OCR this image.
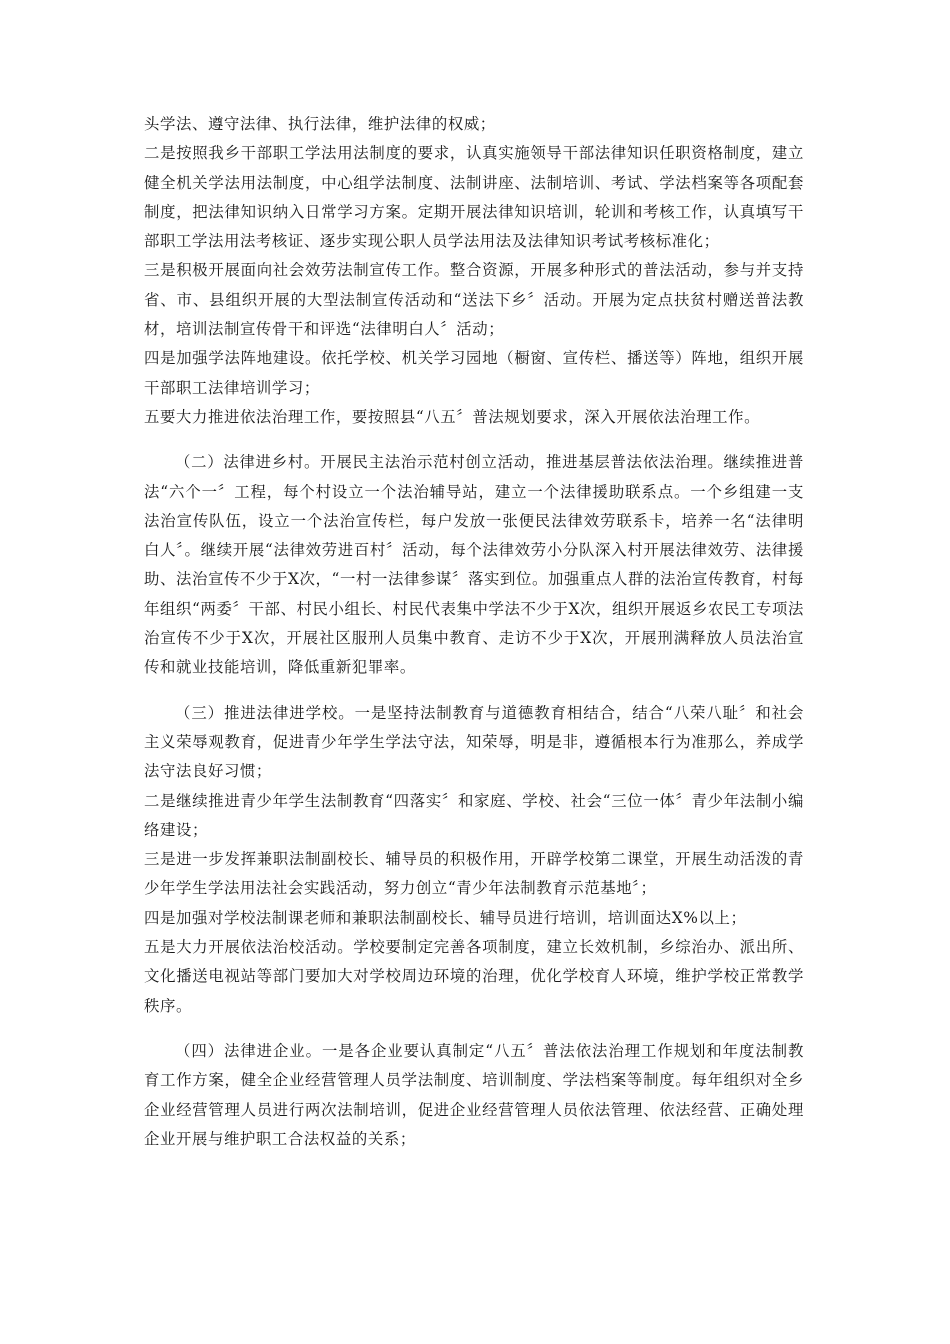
头学法、遵守法律、执行法律，维护法律的权威；

二是按照我乡干部职工学法用法制度的要求，认真实施领导干部法律知识任职资格制度，建立健全机关学法用法制度，中心组学法制度、法制讲座、法制培训、考试、学法档案等各项配套制度，把法律知识纳入日常学习方案。定期开展法律知识培训，轮训和考核工作，认真填写干部职工学法用法考核证、逐步实现公职人员学法用法及法律知识考试考核标准化；

三是积极开展面向社会效劳法制宣传工作。整合资源，开展多种形式的普法活动，参与并支持省、市、县组织开展的大型法制宣传活动和“送法下乡〞活动。开展为定点扶贫村赠送普法教材，培训法制宣传骨干和评选“法律明白人〞活动；

四是加强学法阵地建设。依托学校、机关学习园地（橱窗、宣传栏、播送等）阵地，组织开展干部职工法律培训学习；

五要大力推进依法治理工作，要按照县“八五〞普法规划要求，深入开展依法治理工作。

（二）法律进乡村。开展民主法治示范村创立活动，推进基层普法依法治理。继续推进普法“六个一〞工程，每个村设立一个法治辅导站，建立一个法律援助联系点。一个乡组建一支法治宣传队伍，设立一个法治宣传栏，每户发放一张便民法律效劳联系卡，培养一名“法律明白人〞。继续开展“法律效劳进百村〞活动，每个法律效劳小分队深入村开展法律效劳、法律援助、法治宣传不少于X次，“一村一法律参谋〞落实到位。加强重点人群的法治宣传教育，村每年组织“两委〞干部、村民小组长、村民代表集中学法不少于X次，组织开展返乡农民工专项法治宣传不少于X次，开展社区服刑人员集中教育、走访不少于X次，开展刑满释放人员法治宣传和就业技能培训，降低重新犯罪率。

（三）推进法律进学校。一是坚持法制教育与道德教育相结合，结合“八荣八耻〞和社会主义荣辱观教育，促进青少年学生学法守法，知荣辱，明是非，遵循根本行为准那么，养成学法守法良好习惯；

二是继续推进青少年学生法制教育“四落实〞和家庭、学校、社会“三位一体〞青少年法制小编络建设；

三是进一步发挥兼职法制副校长、辅导员的积极作用，开辟学校第二课堂，开展生动活泼的青少年学生学法用法社会实践活动，努力创立“青少年法制教育示范基地〞；

四是加强对学校法制课老师和兼职法制副校长、辅导员进行培训，培训面达X%以上；

五是大力开展依法治校活动。学校要制定完善各项制度，建立长效机制，乡综治办、派出所、文化播送电视站等部门要加大对学校周边环境的治理，优化学校育人环境，维护学校正常教学秩序。

（四）法律进企业。一是各企业要认真制定“八五〞普法依法治理工作规划和年度法制教育工作方案，健全企业经营管理人员学法制度、培训制度、学法档案等制度。每年组织对全乡企业经营管理人员进行两次法制培训，促进企业经营管理人员依法管理、依法经营、正确处理企业开展与维护职工合法权益的关系；
